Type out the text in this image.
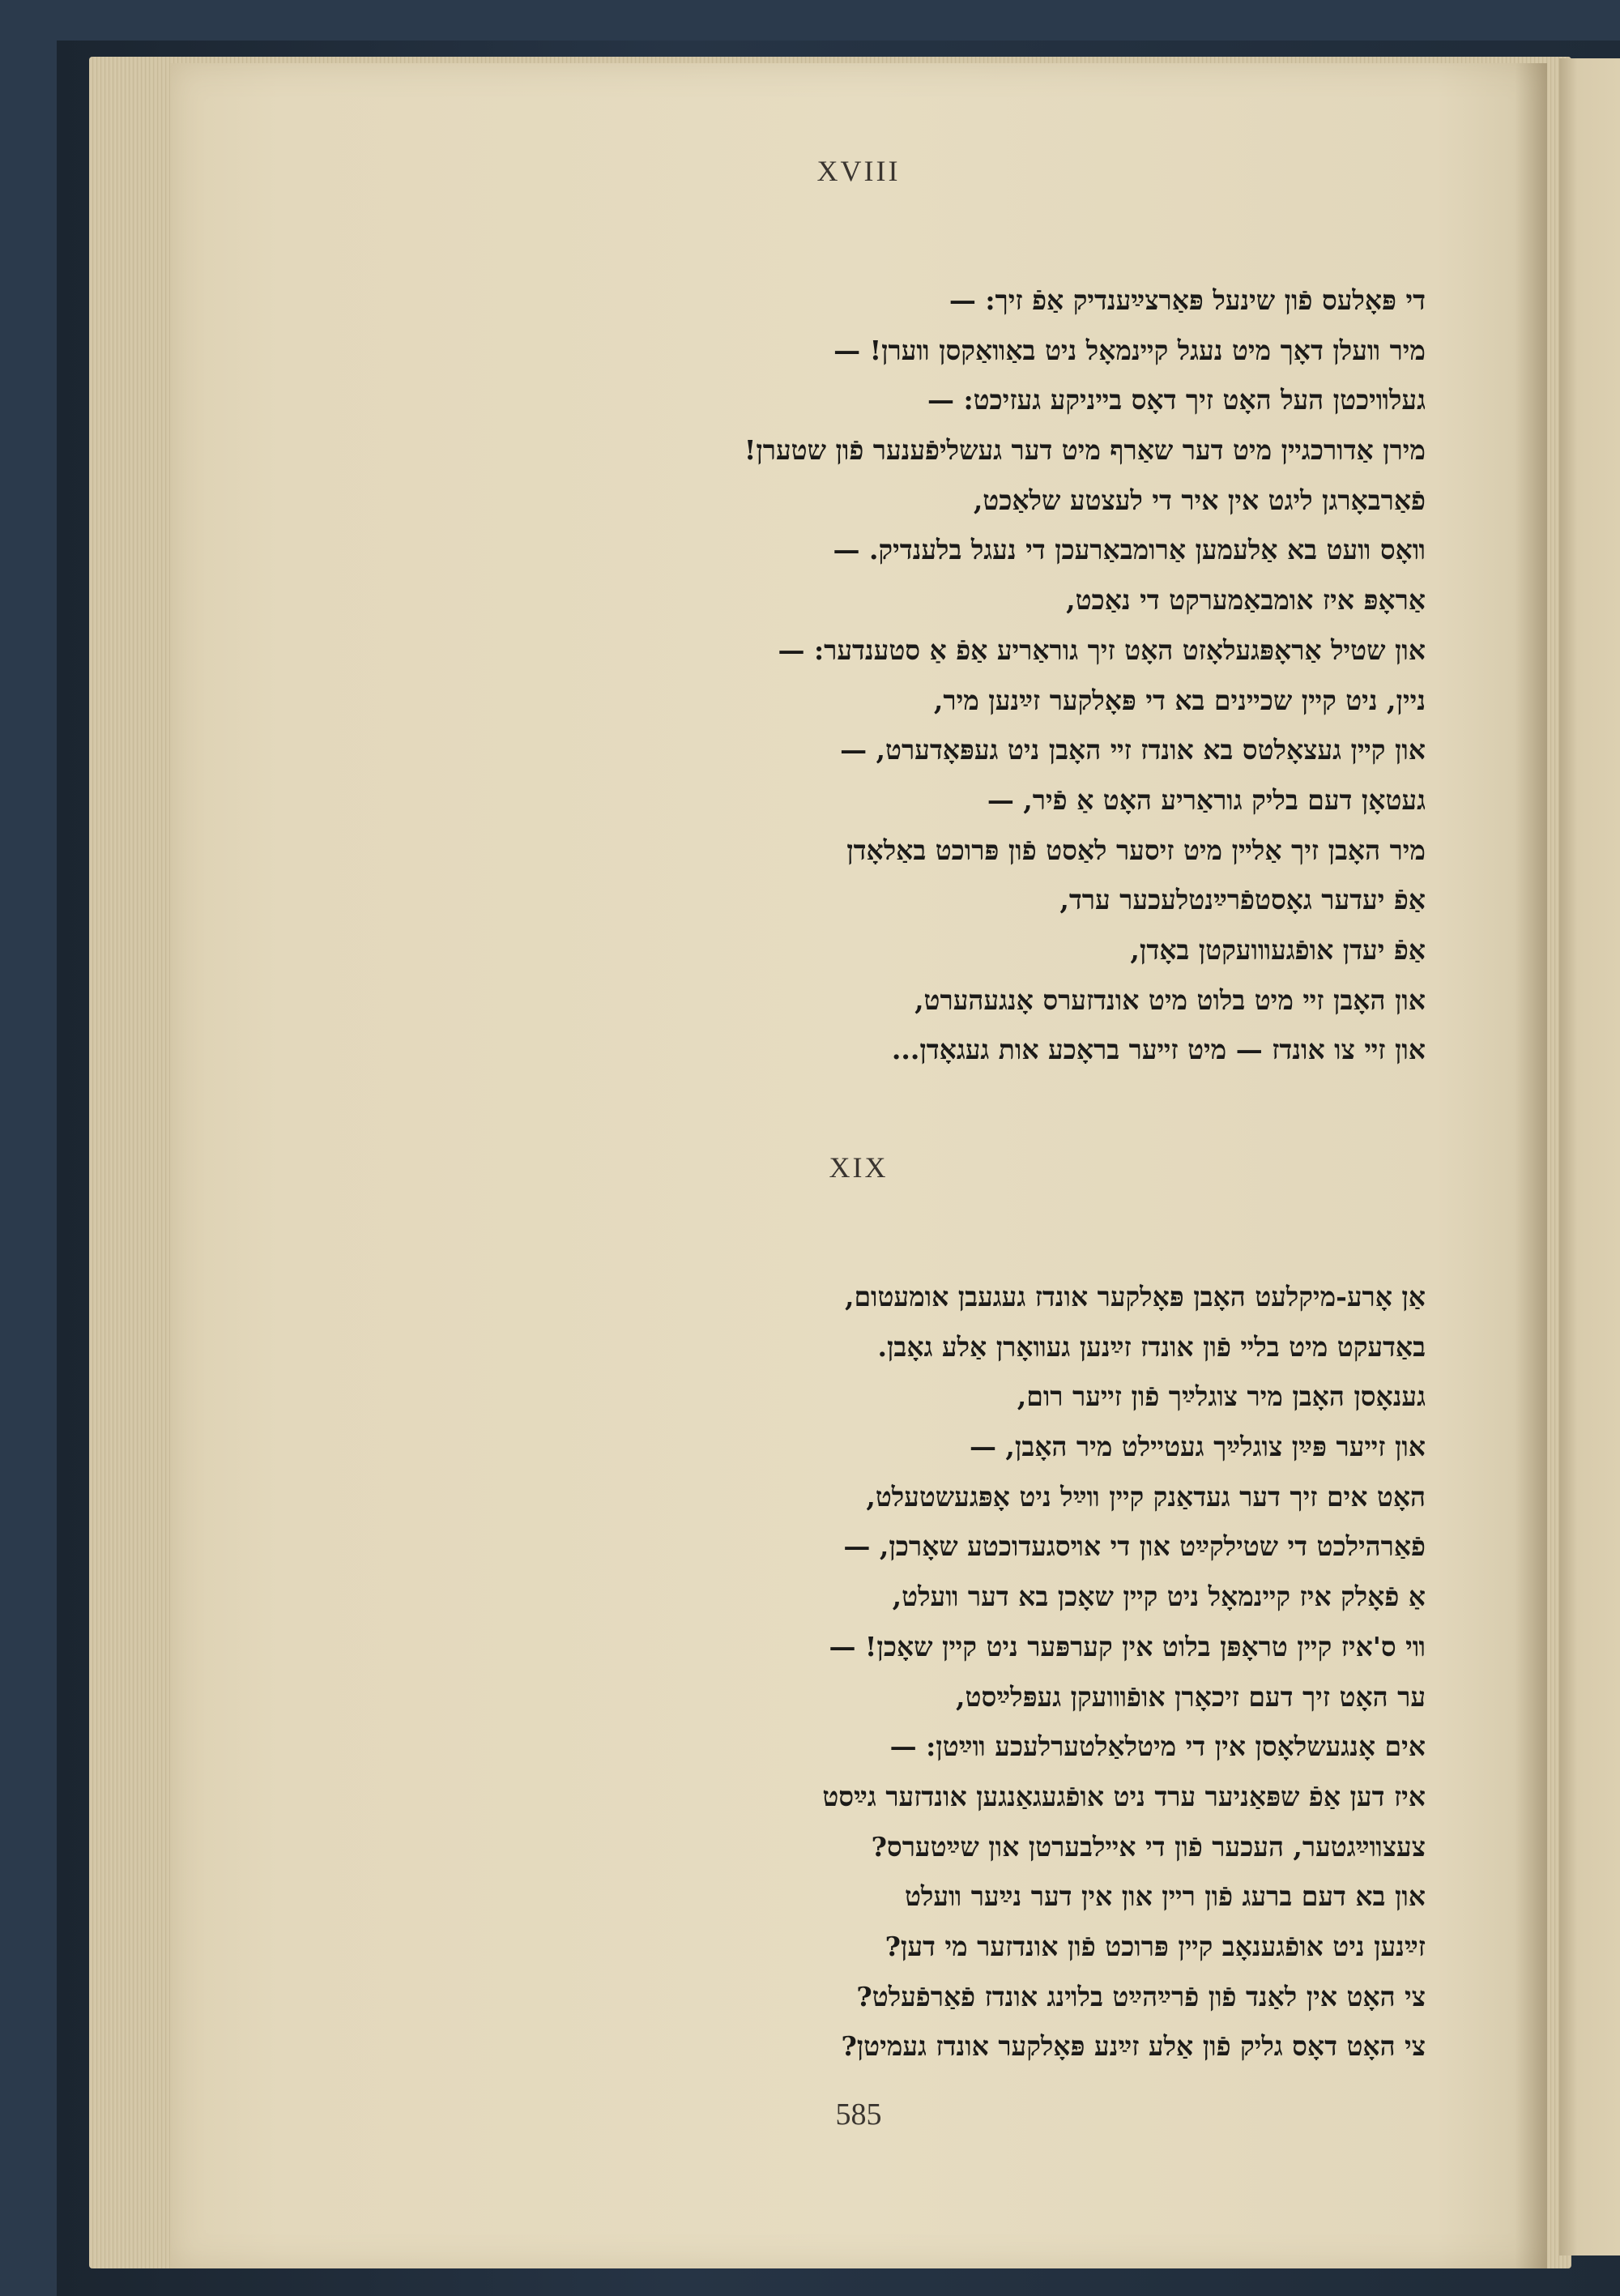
XVIII
די פּאָלעס פֿון שינעל פּאַרצײַענדיק אַפֿ זיך: —
מיר װעלן דאָך מיט נעגל קײנמאָל ניט באַװאַקסן װערן! —
געלװיכטן העל האָט זיך דאָס בײניקע געזיכט: —
מירן אַדורכגײן מיט דער שאַרף מיט דער געשליפֿענער פֿון שטערן!
פֿאַרבאָרגן ליגט אין איר די לעצטע שלאַכט,
װאָס װעט בא אַלעמען אַרומבאַרעכן די נעגל בלענדיק. —
אַראָפּ איז אומבאַמערקט די נאַכט,
און שטיל אַראָפּגעלאָזט האָט זיך גוראַריע אַפֿ אַ סטענדער: —
ניין, ניט קײן שכײנים בא די פּאָלקער זײַנען מיר,
און קײן געצאָלטס בא אונדז זײ האָבן ניט געפּאָדערט, —
געטאָן דעם בליק גוראַריע האָט אַ פֿיר, —
מיר האָבן זיך אַלײן מיט זיסער לאַסט פֿון פּרוכט באַלאָדן
אַפֿ יעדער גאָסטפֿרײַנטלעכער ערד,
אַפֿ יעדן אופֿגעװועקטן באָדן,
און האָבן זײ מיט בלוט מיט אונדזערס אָנגעהערט,
און זײ צו אונדז — מיט זײער בראָכע אות געגאָדן...
XIX
אַן אָרע-מיקלעט האָבן פּאָלקער אונדז געגעבן אומעטום,
באַדעקט מיט בלײ פֿון אונדז זײַנען געװאָרן אַלע גאָבן.
גענאָסן האָבן מיר צוגלײַך פֿון זײער רום,
און זײער פּײַן צוגלײַך געטײלט מיר האָבן, —
האָט אים זיך דער געדאַנק קײן װײַל ניט אָפּגעשטעלט,
פֿאַרהילכט די שטילקײַט און די אױסגעדוכטע שאָרכן, —
אַ פֿאָלק איז קײנמאָל ניט קײן שאָכן בא דער װעלט,
װי ס'איז קײן טראָפּן בלוט אין קערפּער ניט קײן שאָכן! —
ער האָט זיך דעם זיכאָרן אופֿװועקן געפּלײַסט,
אים אָנגעשלאָסן אין די מיטלאַלטערלעכע װײַטן: —
איז דען אַפֿ שפּאַניער ערד ניט אופֿגעגאַנגען אונדזער גײַסט
צעצװײַגטער, העכער פֿון די אײלבערטן און שײַטערס?
און בא דעם ברעג פֿון רײן און אין דער נײַער װעלט
זײַנען ניט אופֿגענאָב קײן פּרוכט פֿון אונדזער מי דען?
צי האָט אין לאַנד פֿון פֿרײַהײַט בלױנג אונדז פֿאַרפֿעלט?
צי האָט דאָס גליק פֿון אַלע זײַנע פּאָלקער אונדז געמיטן?
585
